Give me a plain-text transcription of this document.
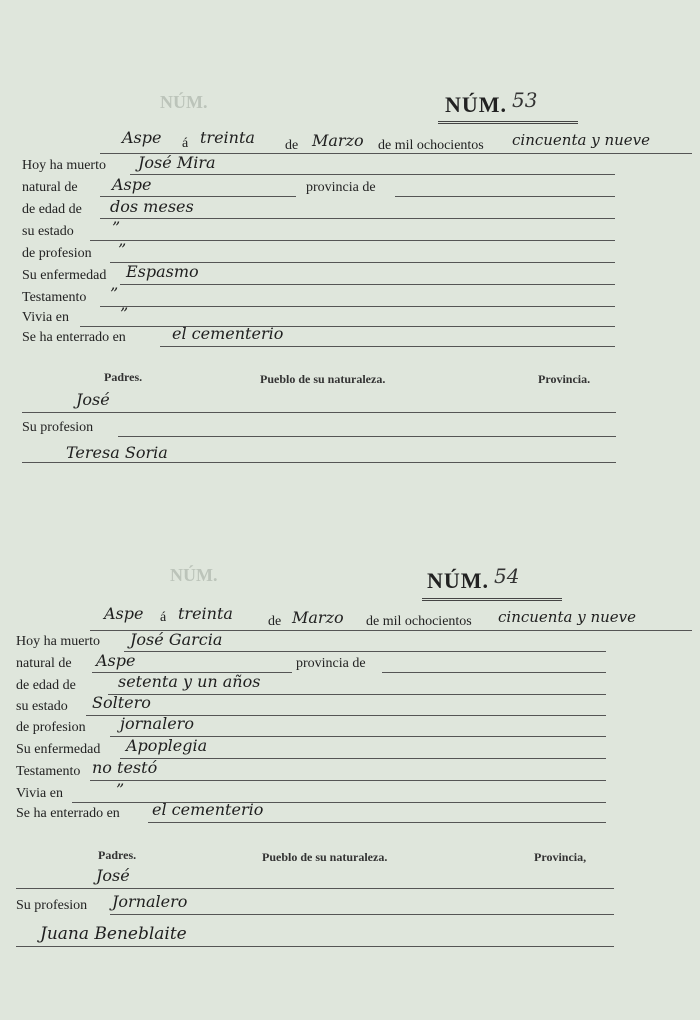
NÚM.
NÚM.
NÚM. 53
Aspe á treinta de Marzo de mil ochocientos cincuenta y nueve
Hoy ha muerto José Mira
natural de Aspe	provincia de
de edad de dos meses
su estado ”
de profesion ”
Su enfermedad Espasmo
Testamento ”
Vivia en	”
Se ha enterrado en	el cementerio
Padres.	Pueblo de su naturaleza.	Provincia.
José
Su profesion
Teresa Soria
NÚM. 54
Aspe á treinta	de Marzo de mil ochocientos cincuenta y nueve
Hoy ha muerto José Garcia
natural de Aspe	provincia de
de edad de	setenta y un años
su estado Soltero
de profesion jornalero
Su enfermedad Apoplegia
Testamento no testó
Vivia en	”
Se ha enterrado en el cementerio
Padres.	Pueblo de su naturaleza.	Provincia,
José
Su profesion Jornalero
Juana Beneblaite
